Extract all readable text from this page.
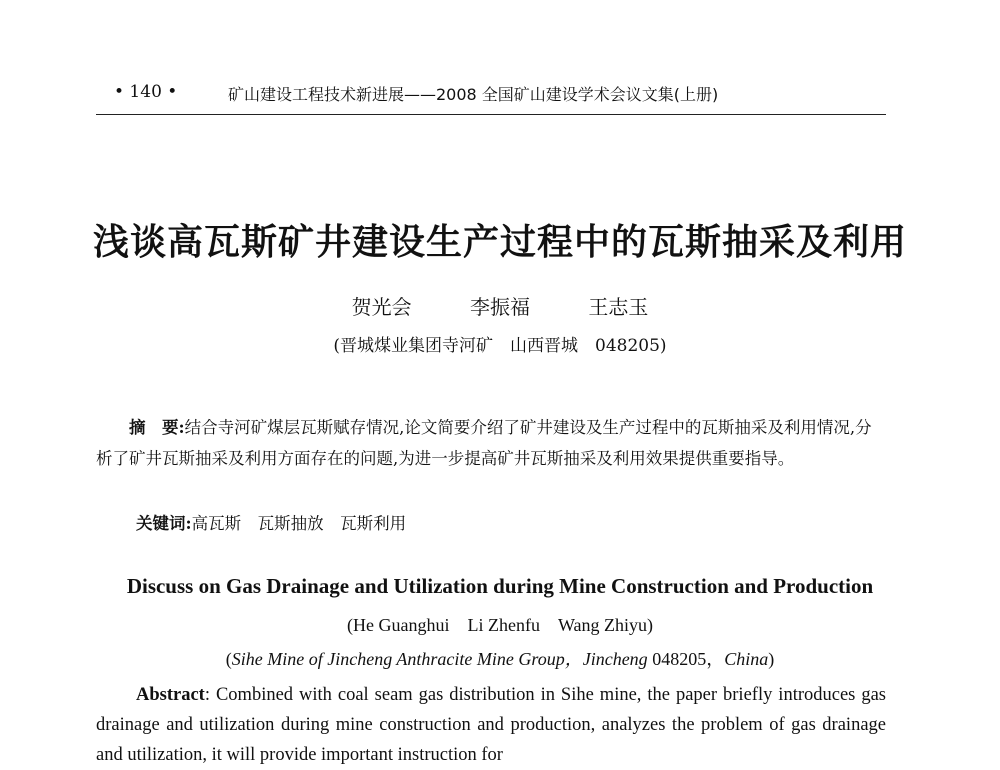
• 140 •	矿山建设工程技术新进展——2008 全国矿山建设学术会议文集(上册)
浅谈高瓦斯矿井建设生产过程中的瓦斯抽采及利用
贺光会	李振福	王志玉
(晋城煤业集团寺河矿　山西晋城　048205)
摘　要:结合寺河矿煤层瓦斯赋存情况,论文简要介绍了矿井建设及生产过程中的瓦斯抽采及利用情况,分析了矿井瓦斯抽采及利用方面存在的问题,为进一步提高矿井瓦斯抽采及利用效果提供重要指导。
关键词:高瓦斯　瓦斯抽放　瓦斯利用
Discuss on Gas Drainage and Utilization during Mine Construction and Production
(He Guanghui　Li Zhenfu　Wang Zhiyu)
(Sihe Mine of Jincheng Anthracite Mine Group，Jincheng 048205，China)
Abstract: Combined with coal seam gas distribution in Sihe mine, the paper briefly introduces gas drainage and utilization during mine construction and production, analyzes the problem of gas drainage and utilization, it will provide important instruction for
